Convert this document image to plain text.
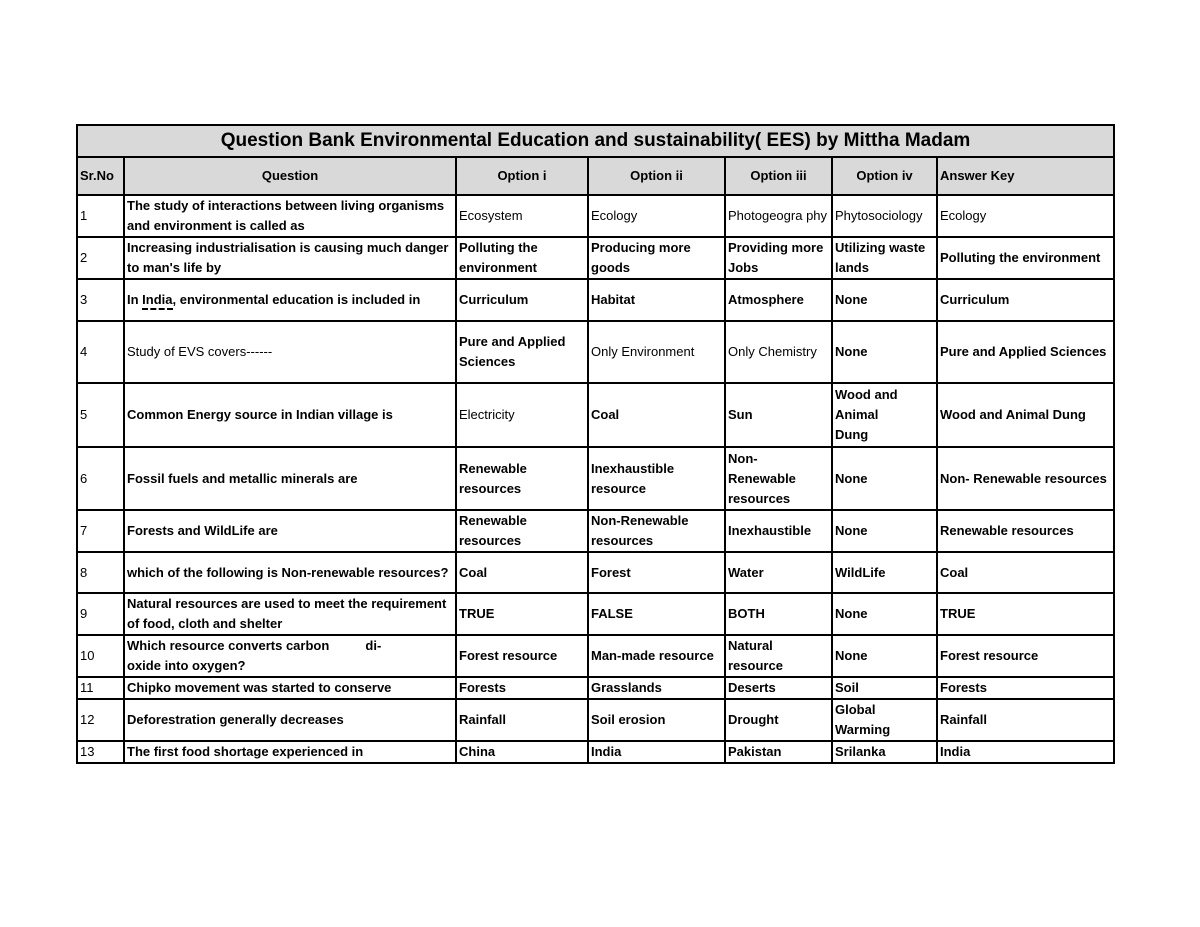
Question Bank Environmental Education and sustainability( EES) by Mittha Madam						
Sr.No	Question	Option i	Option ii	Option iii	Option iv	Answer Key
1	The study of interactions between living organisms and environment is called as	Ecosystem	Ecology	Photogeogra phy	Phytosociology	Ecology
2	Increasing industrialisation is causing much danger to man's life by	Polluting the environment	Producing more goods	Providing more Jobs	Utilizing waste lands	Polluting the environment
3	In India, environmental education is included in	Curriculum	Habitat	Atmosphere	None	Curriculum
4	Study of EVS covers------	Pure and Applied Sciences	Only Environment	Only Chemistry	None	Pure and Applied Sciences
5	Common Energy source in Indian village is	Electricity	Coal	Sun	Wood and Animal Dung	Wood and Animal Dung
6	Fossil fuels and metallic minerals are	Renewable resources	Inexhaustible resource	Non- Renewable resources	None	Non- Renewable resources
7	Forests and WildLife are	Renewable resources	Non-Renewable resources	Inexhaustible	None	Renewable resources
8	which of the following is Non-renewable resources?	Coal	Forest	Water	WildLife	Coal
9	Natural resources are used to meet the requirement of food, cloth and shelter	TRUE	FALSE	BOTH	None	TRUE
10	Which resource converts carbon          di-
oxide into oxygen?	Forest resource	Man-made resource	Natural resource	None	Forest resource
11	Chipko movement was started to conserve	Forests	Grasslands	Deserts	Soil	Forests
12	Deforestration generally decreases	Rainfall	Soil erosion	Drought	Global Warming	Rainfall
13	The first food shortage experienced in	China	India	Pakistan	Srilanka	India
